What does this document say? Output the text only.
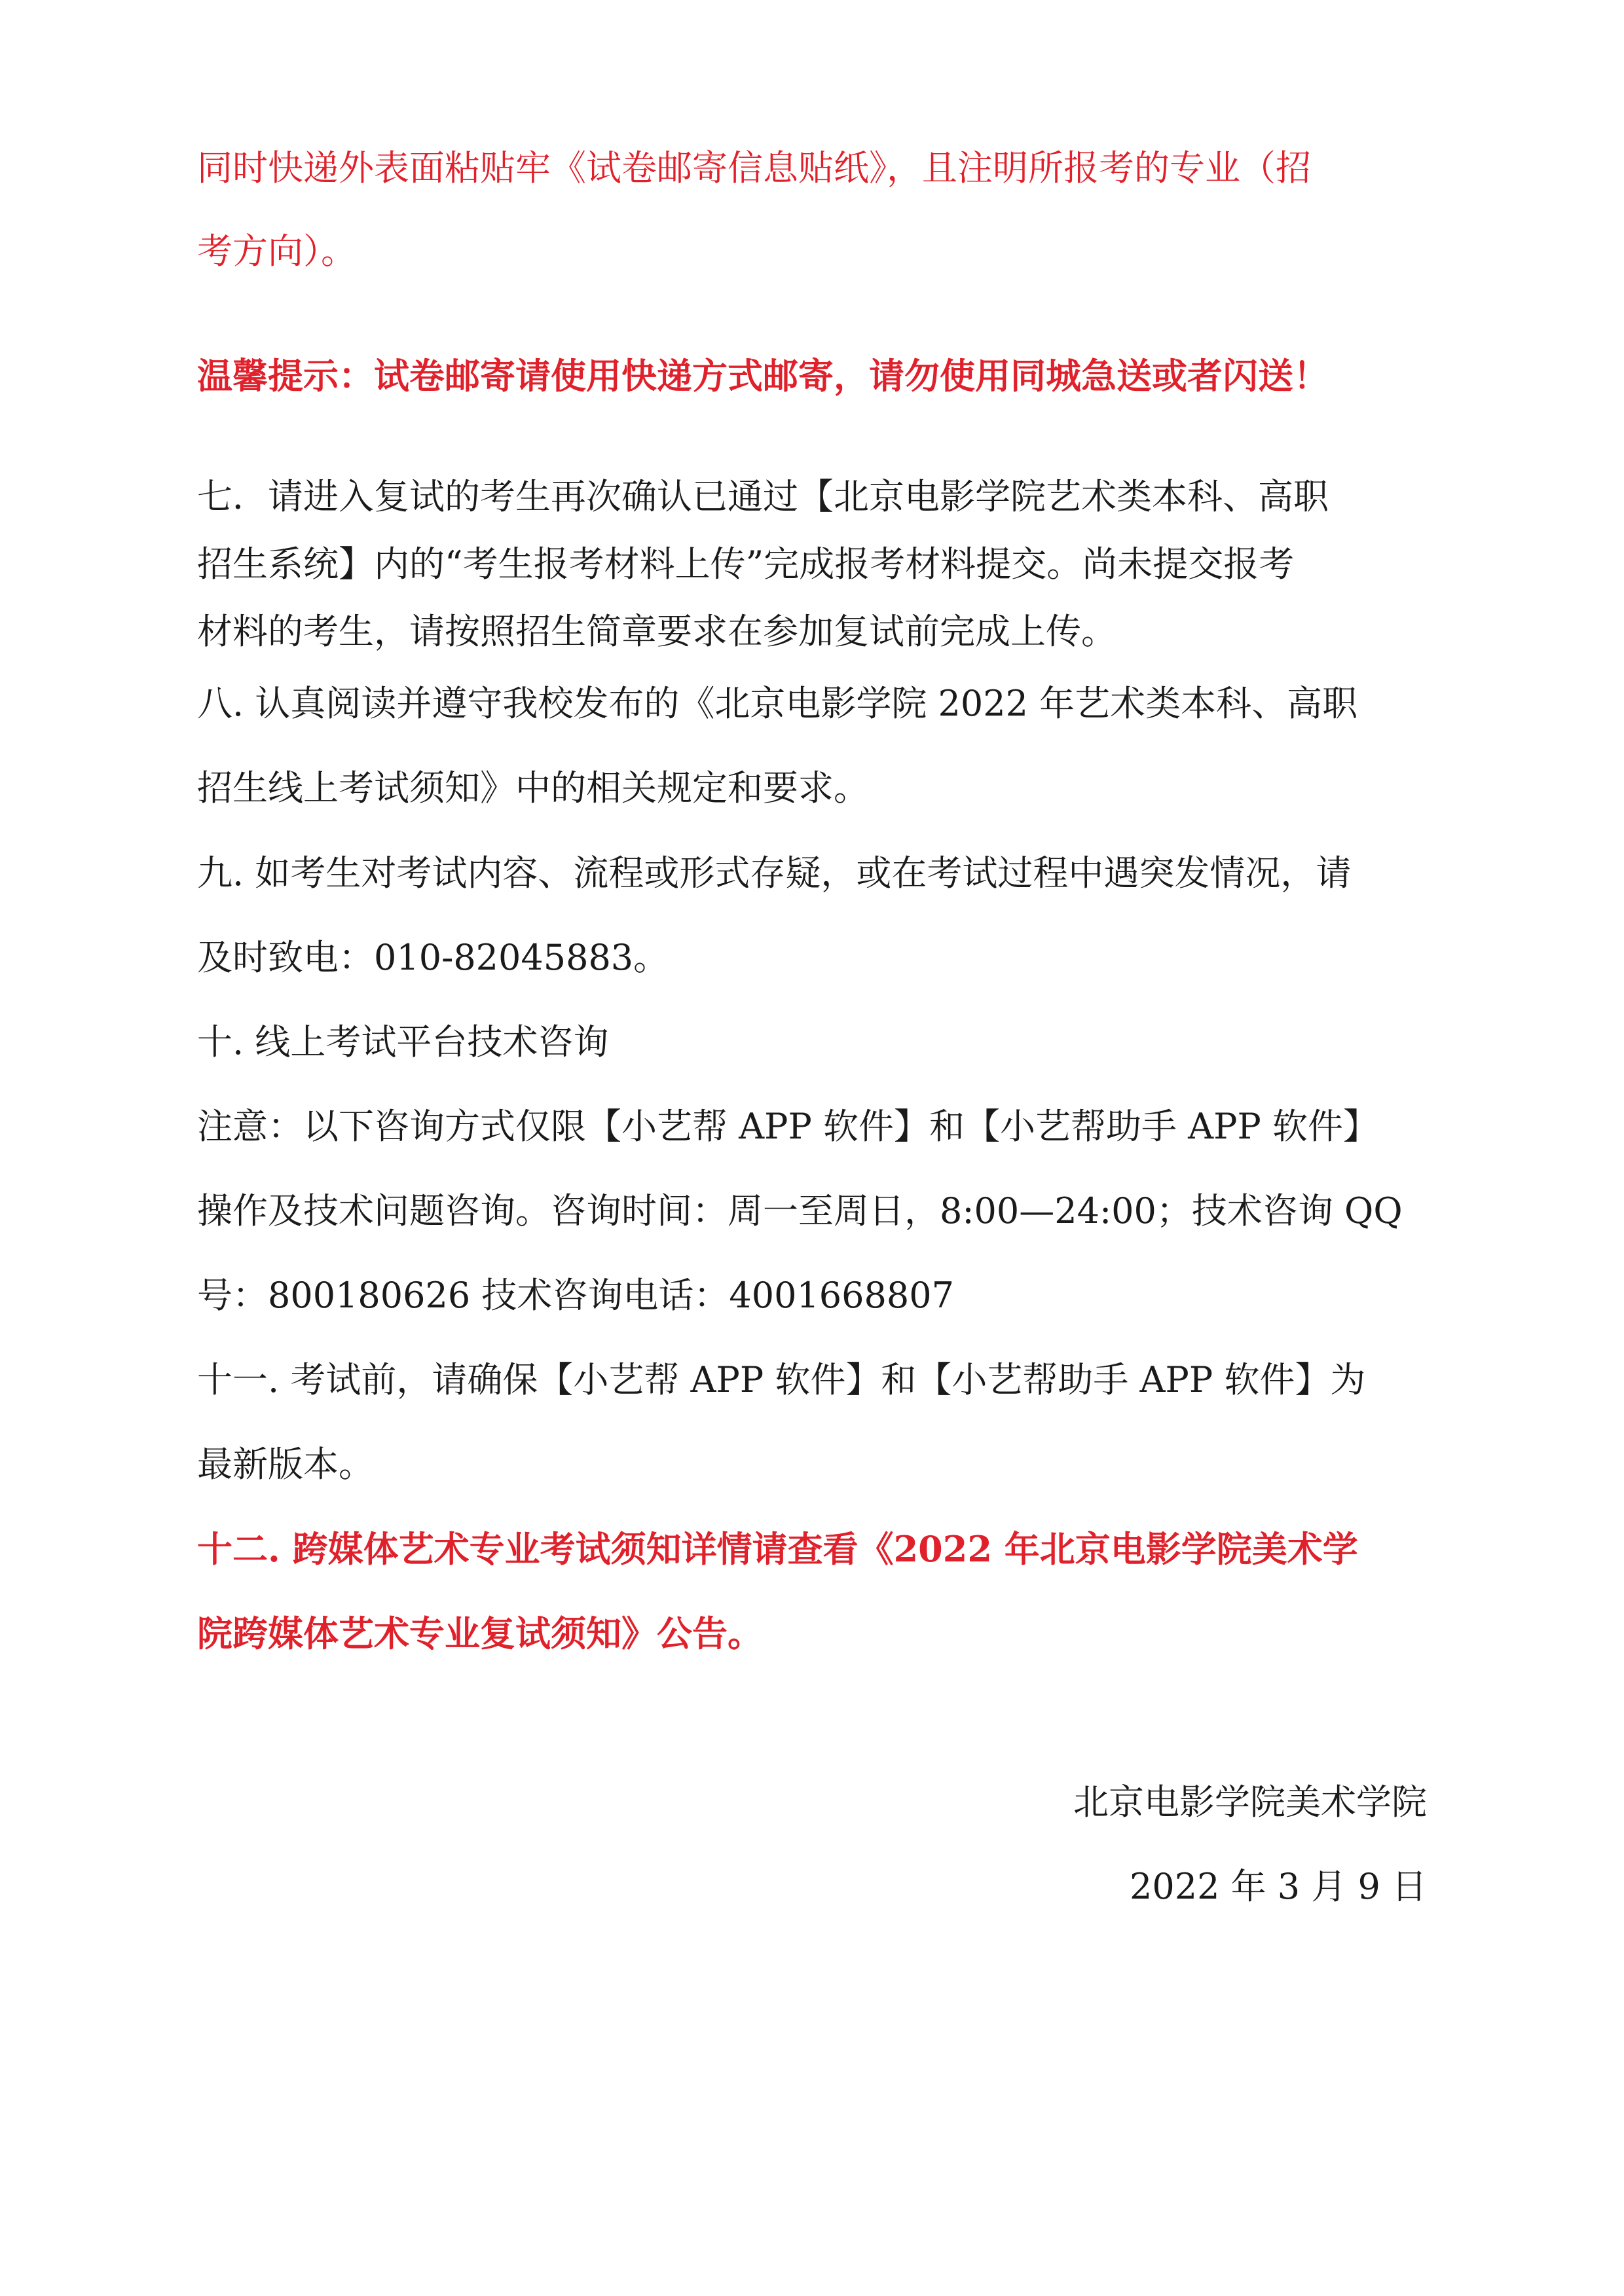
同时快递外表面粘贴牢《试卷邮寄信息贴纸》，且注明所报考的专业（招
考方向）。
温馨提示：试卷邮寄请使用快递方式邮寄，请勿使用同城急送或者闪送！
七．请进入复试的考生再次确认已通过【北京电影学院艺术类本科、高职
招生系统】内的“考生报考材料上传”完成报考材料提交。尚未提交报考
材料的考生，请按照招生简章要求在参加复试前完成上传。
八. 认真阅读并遵守我校发布的《北京电影学院 2022 年艺术类本科、高职
招生线上考试须知》中的相关规定和要求。
九. 如考生对考试内容、流程或形式存疑，或在考试过程中遇突发情况，请
及时致电：010-82045883。
十. 线上考试平台技术咨询
注意：以下咨询方式仅限【小艺帮 APP 软件】和【小艺帮助手 APP 软件】
操作及技术问题咨询。咨询时间：周一至周日，8:00—24:00；技术咨询 QQ
号：800180626 技术咨询电话：4001668807
十一. 考试前，请确保【小艺帮 APP 软件】和【小艺帮助手 APP 软件】为
最新版本。
十二. 跨媒体艺术专业考试须知详情请查看《2022 年北京电影学院美术学
院跨媒体艺术专业复试须知》公告。
北京电影学院美术学院
2022 年 3 月 9 日
